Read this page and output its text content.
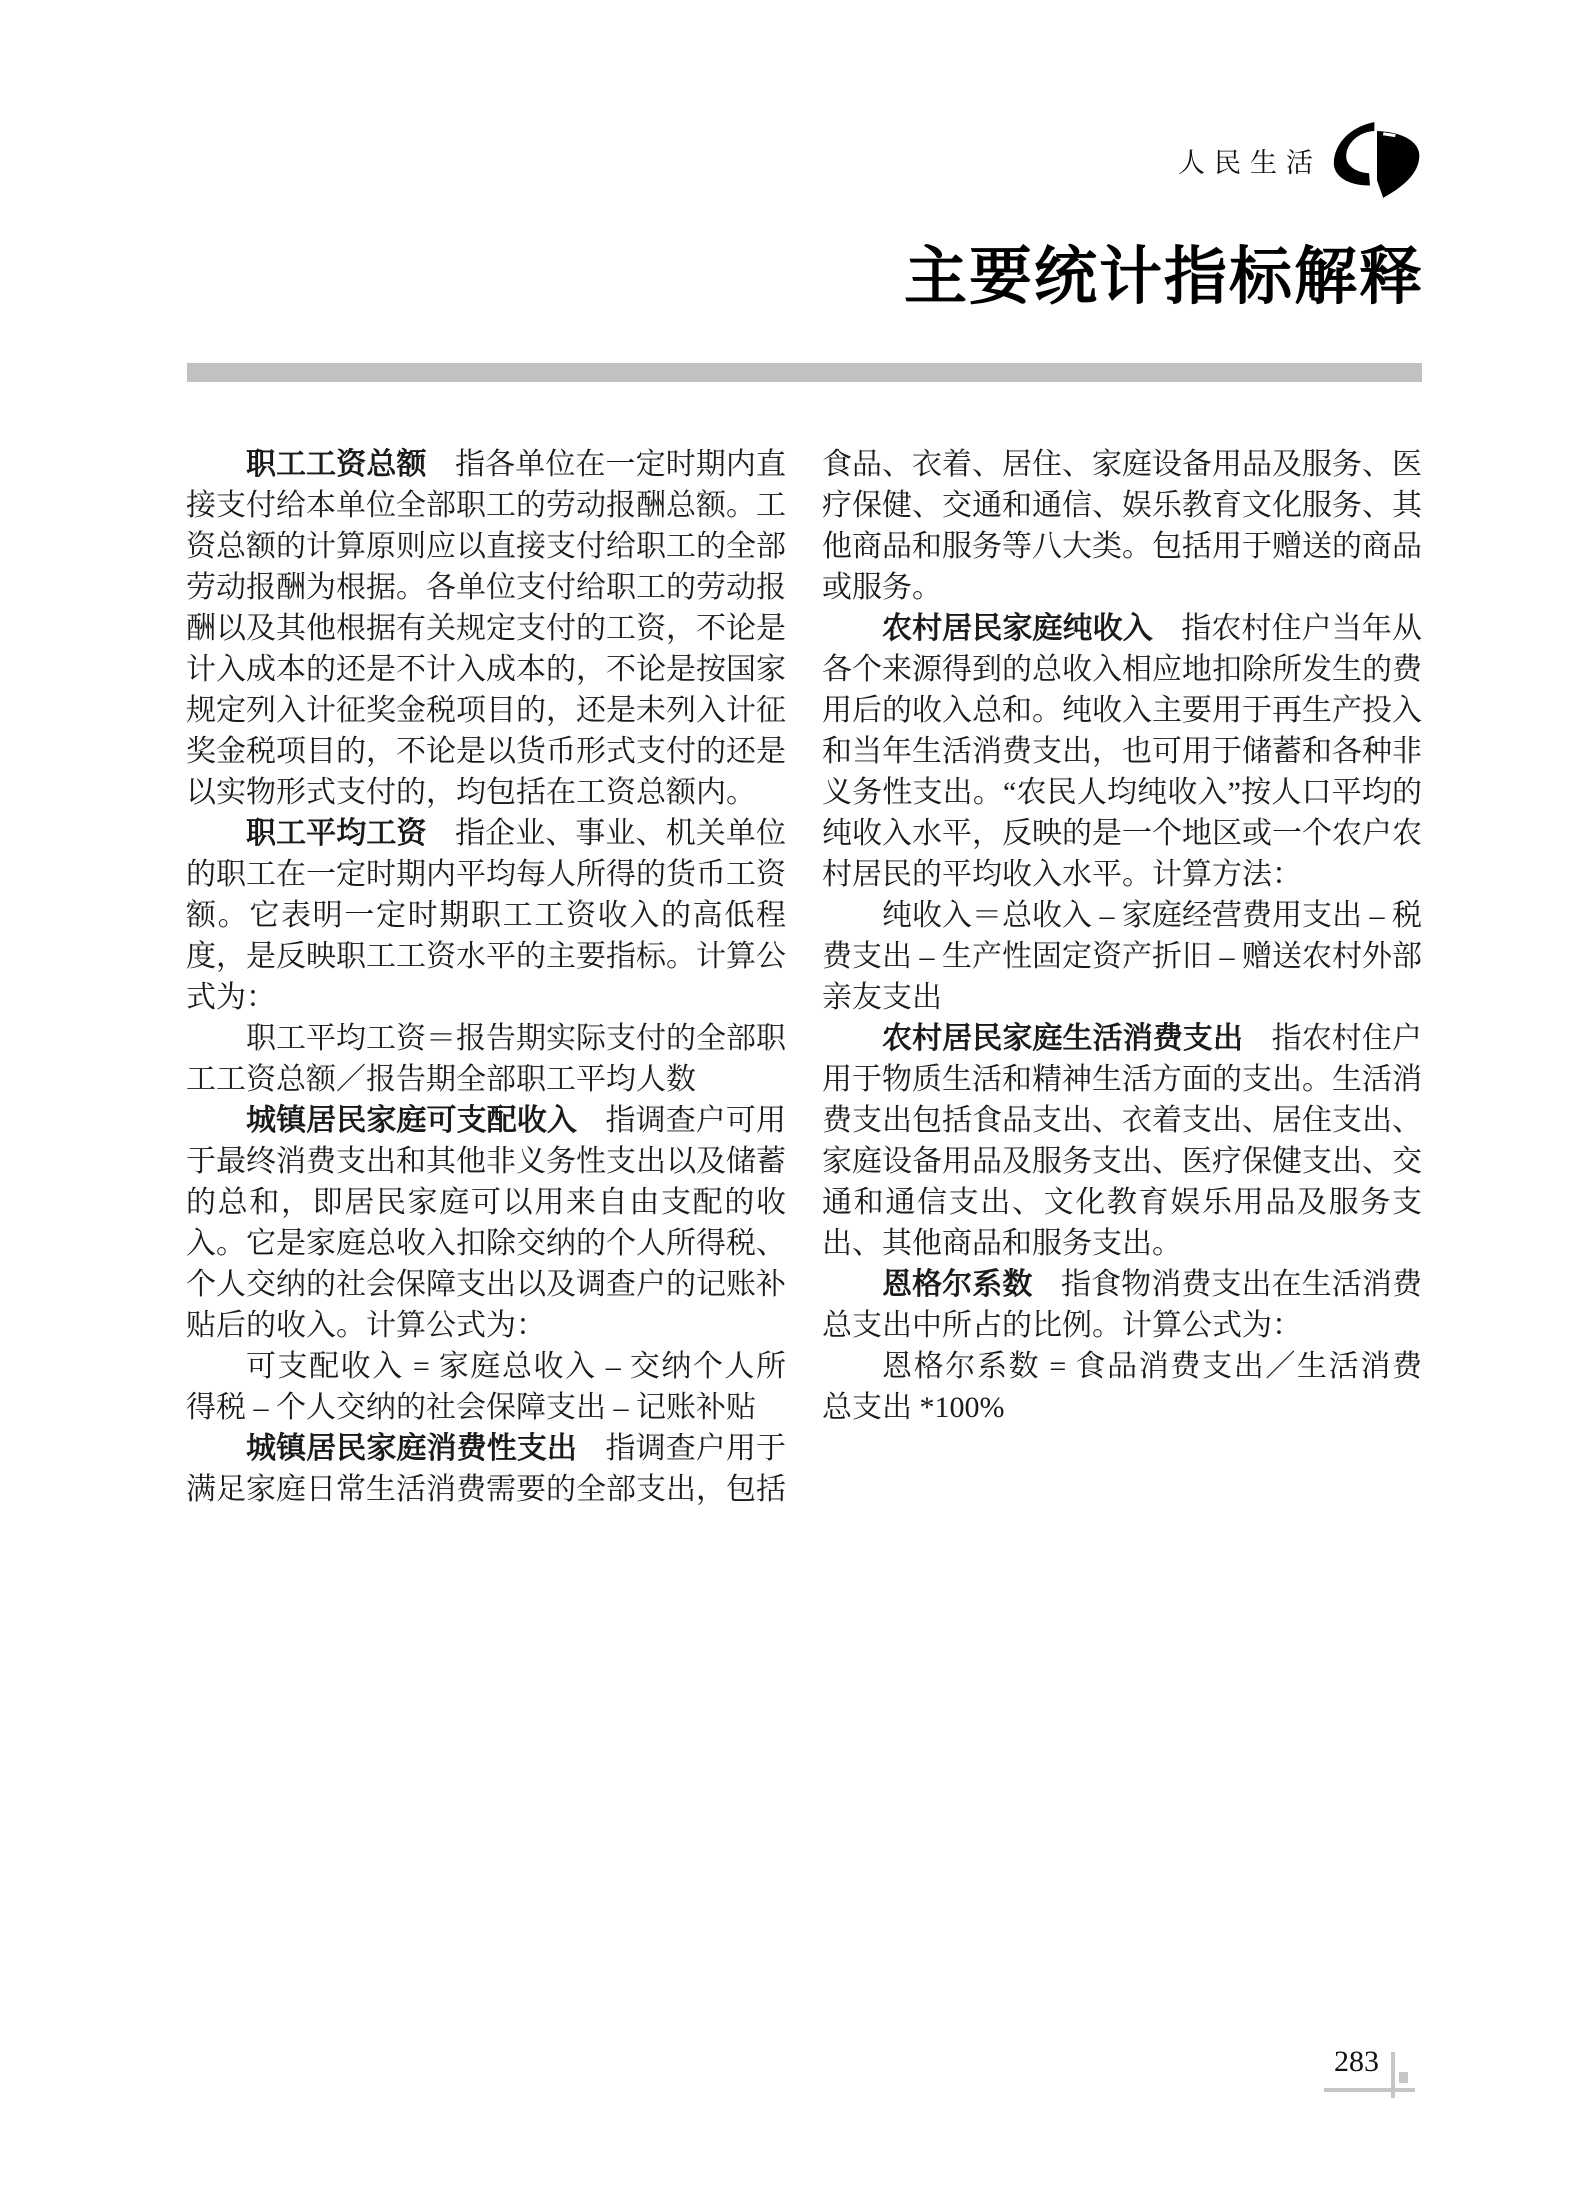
人民生活
主要统计指标解释

职工工资总额 指各单位在一定时期内直接支付给本单位全部职工的劳动报酬总额。工资总额的计算原则应以直接支付给职工的全部劳动报酬为根据。各单位支付给职工的劳动报酬以及其他根据有关规定支付的工资，不论是计入成本的还是不计入成本的，不论是按国家规定列入计征奖金税项目的，还是未列入计征奖金税项目的，不论是以货币形式支付的还是以实物形式支付的，均包括在工资总额内。

职工平均工资 指企业、事业、机关单位的职工在一定时期内平均每人所得的货币工资额。它表明一定时期职工工资收入的高低程度，是反映职工工资水平的主要指标。计算公式为：

职工平均工资＝报告期实际支付的全部职工工资总额／报告期全部职工平均人数

城镇居民家庭可支配收入 指调查户可用于最终消费支出和其他非义务性支出以及储蓄的总和，即居民家庭可以用来自由支配的收入。它是家庭总收入扣除交纳的个人所得税、个人交纳的社会保障支出以及调查户的记账补贴后的收入。计算公式为：

可支配收入 = 家庭总收入 – 交纳个人所得税 – 个人交纳的社会保障支出 – 记账补贴

城镇居民家庭消费性支出 指调查户用于满足家庭日常生活消费需要的全部支出，包括

食品、衣着、居住、家庭设备用品及服务、医疗保健、交通和通信、娱乐教育文化服务、其他商品和服务等八大类。包括用于赠送的商品或服务。

农村居民家庭纯收入 指农村住户当年从各个来源得到的总收入相应地扣除所发生的费用后的收入总和。纯收入主要用于再生产投入和当年生活消费支出，也可用于储蓄和各种非义务性支出。“农民人均纯收入”按人口平均的纯收入水平，反映的是一个地区或一个农户农村居民的平均收入水平。计算方法：

纯收入＝总收入 – 家庭经营费用支出 – 税费支出 – 生产性固定资产折旧 – 赠送农村外部亲友支出

农村居民家庭生活消费支出 指农村住户用于物质生活和精神生活方面的支出。生活消费支出包括食品支出、衣着支出、居住支出、家庭设备用品及服务支出、医疗保健支出、交通和通信支出、文化教育娱乐用品及服务支出、其他商品和服务支出。

恩格尔系数 指食物消费支出在生活消费总支出中所占的比例。计算公式为：

恩格尔系数 = 食品消费支出／生活消费总支出 *100%

283
